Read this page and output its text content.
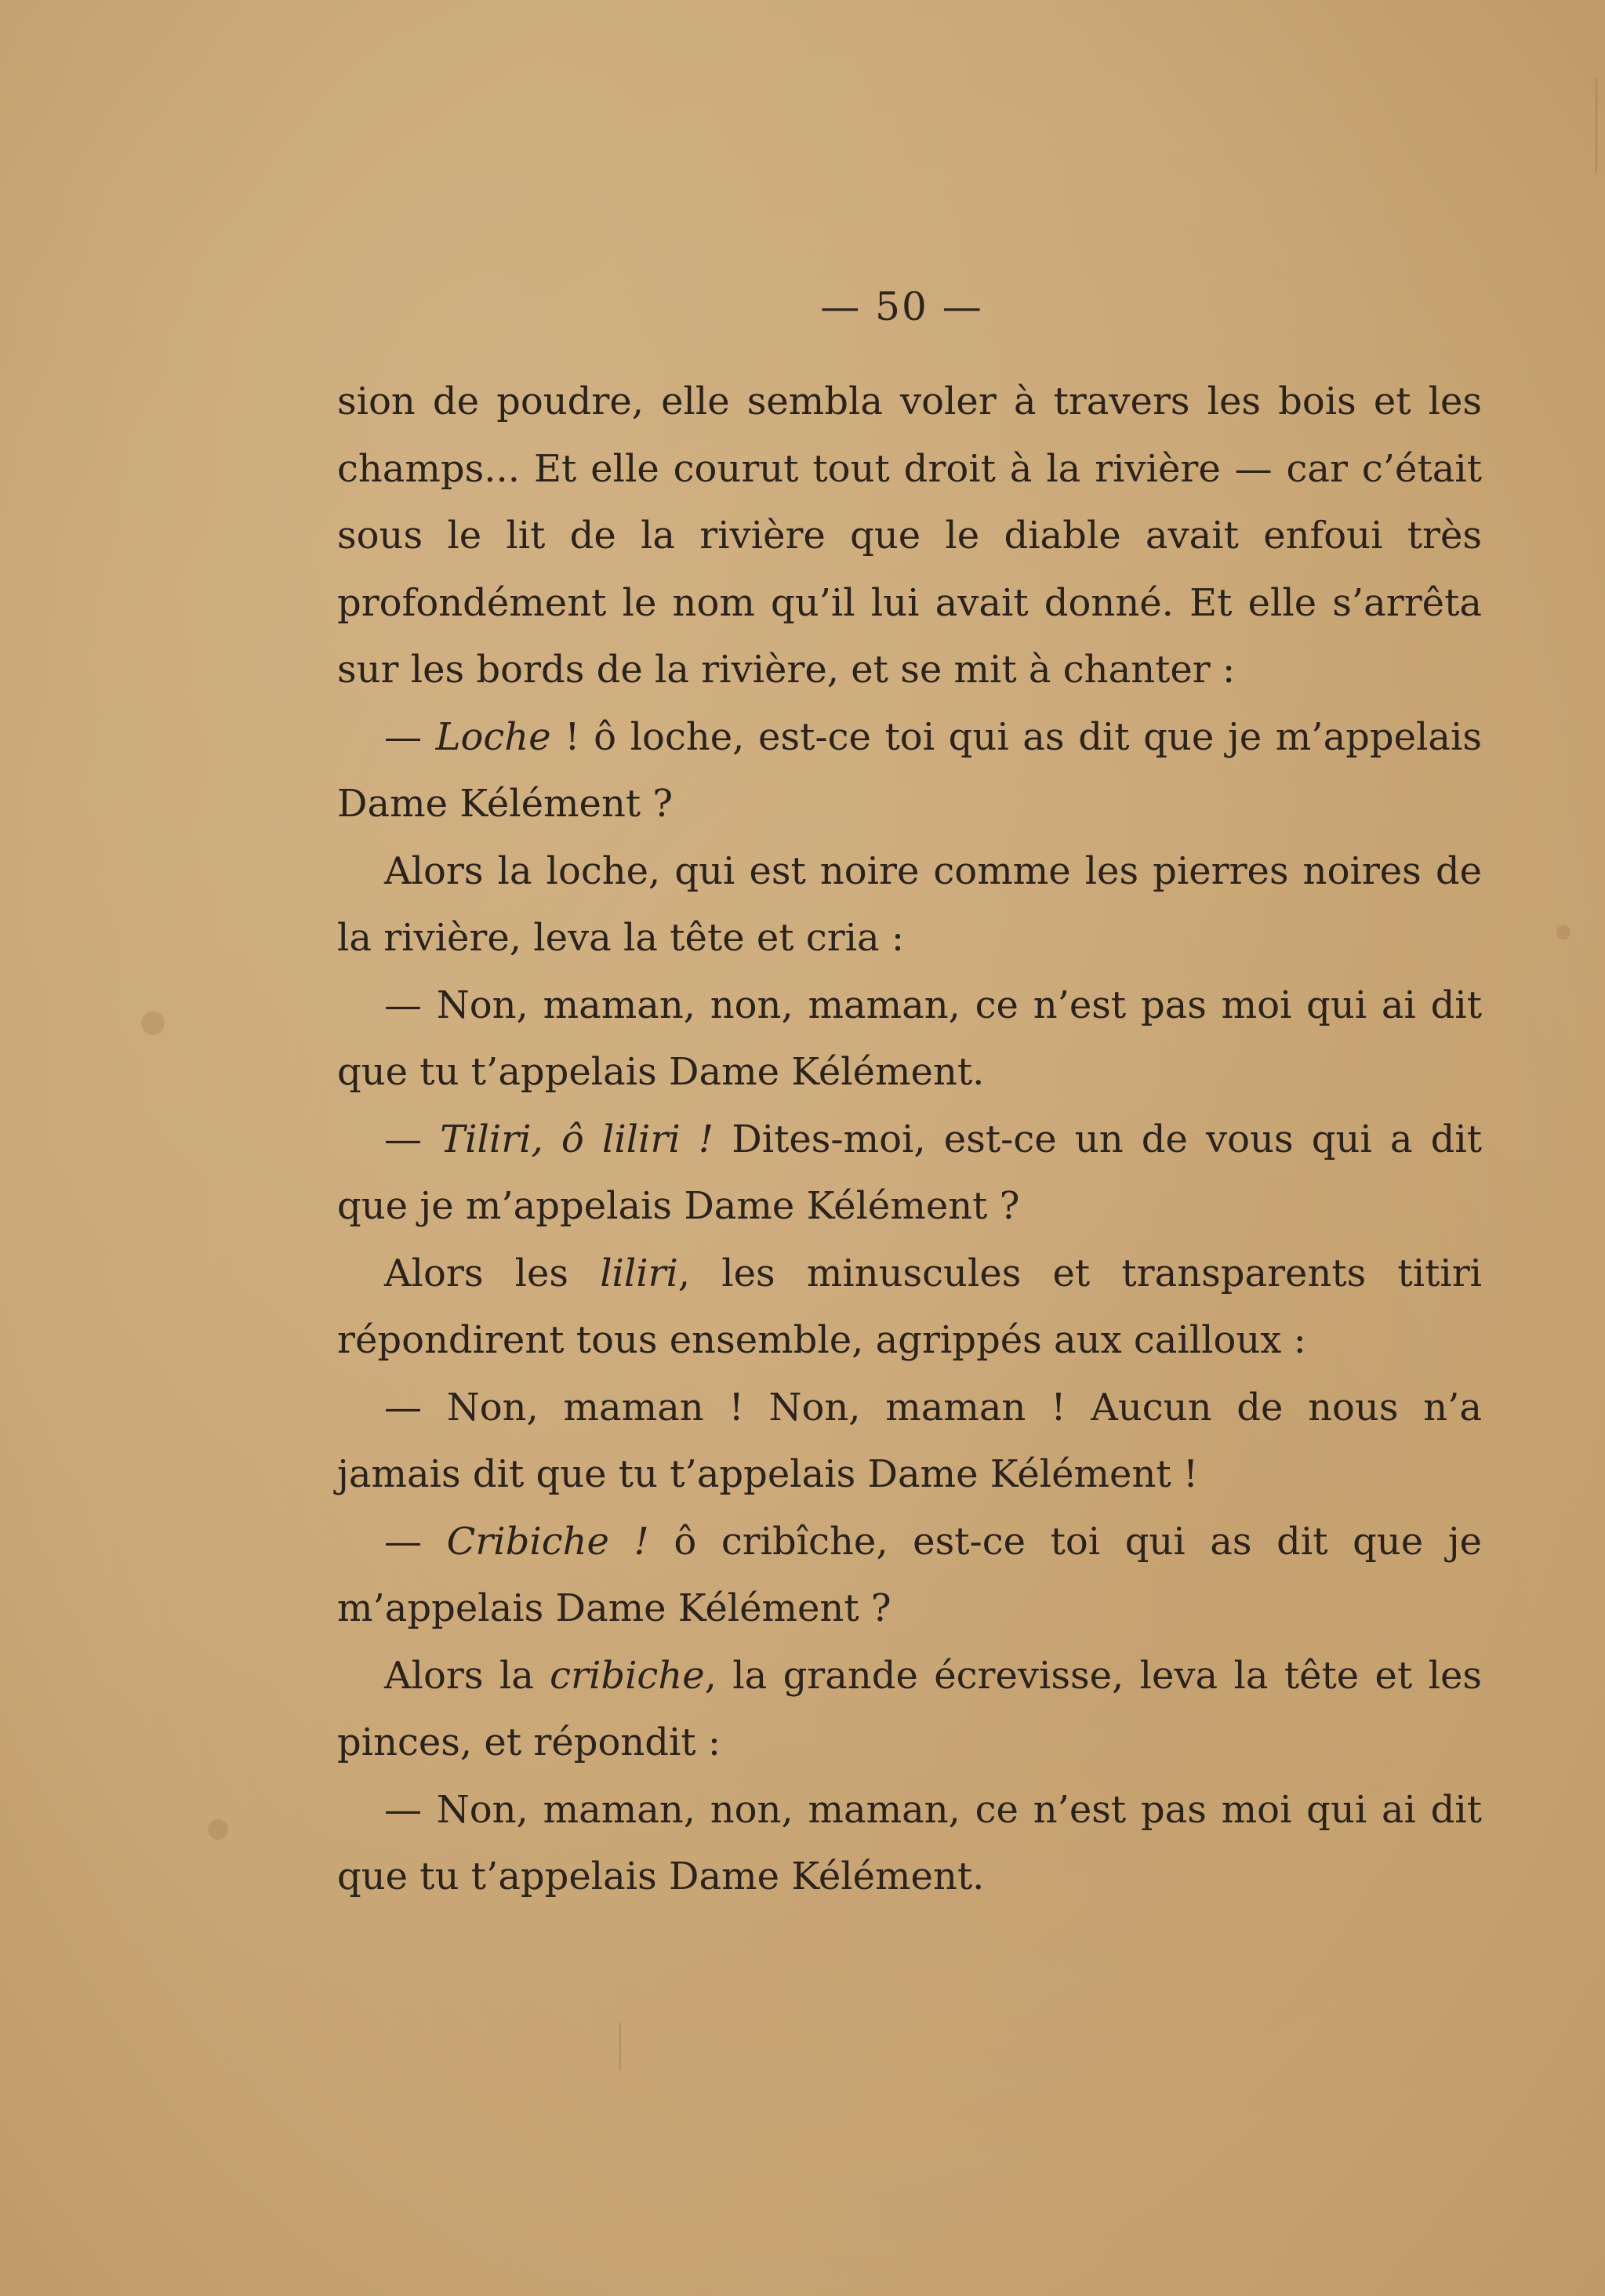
— 50 —

sion de poudre, elle sembla voler à travers les bois et les champs... Et elle courut tout droit à la rivière — car c’était sous le lit de la rivière que le diable avait enfoui très profondément le nom qu’il lui avait donné. Et elle s’arrêta sur les bords de la rivière, et se mit à chanter :

— Loche ! ô loche, est-ce toi qui as dit que je m’appelais Dame Kélément ?

Alors la loche, qui est noire comme les pierres noires de la rivière, leva la tête et cria :

— Non, maman, non, maman, ce n’est pas moi qui ai dit que tu t’appelais Dame Kélément.

— Tiliri, ô liliri ! Dites-moi, est-ce un de vous qui a dit que je m’appelais Dame Kélément ?

Alors les liliri, les minuscules et transparents titiri répondirent tous ensemble, agrippés aux cailloux :

— Non, maman ! Non, maman ! Aucun de nous n’a jamais dit que tu t’appelais Dame Kélément !

— Cribiche ! ô cribîche, est-ce toi qui as dit que je m’appelais Dame Kélément ?

Alors la cribiche, la grande écrevisse, leva la tête et les pinces, et répondit :

— Non, maman, non, maman, ce n’est pas moi qui ai dit que tu t’appelais Dame Kélément.
